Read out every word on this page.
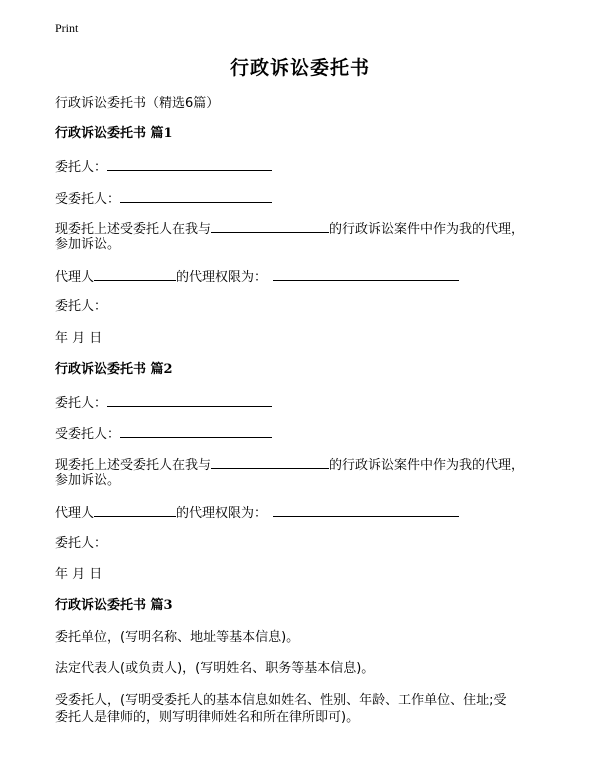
Print
行政诉讼委托书
行政诉讼委托书（精选6篇）
行政诉讼委托书 篇1
委托人：
受委托人：
现委托上述受委托人在我与	的行政诉讼案件中作为我的代理，
参加诉讼。
代理人	的代理权限为：
委托人：
年 月 日
行政诉讼委托书 篇2
委托人：
受委托人：
现委托上述受委托人在我与	的行政诉讼案件中作为我的代理，
参加诉讼。
代理人	的代理权限为：
委托人：
年 月 日
行政诉讼委托书 篇3
委托单位，(写明名称、地址等基本信息)。
法定代表人(或负责人)，(写明姓名、职务等基本信息)。
受委托人，(写明受委托人的基本信息如姓名、性别、年龄、工作单位、住址;受
委托人是律师的，则写明律师姓名和所在律所即可)。
